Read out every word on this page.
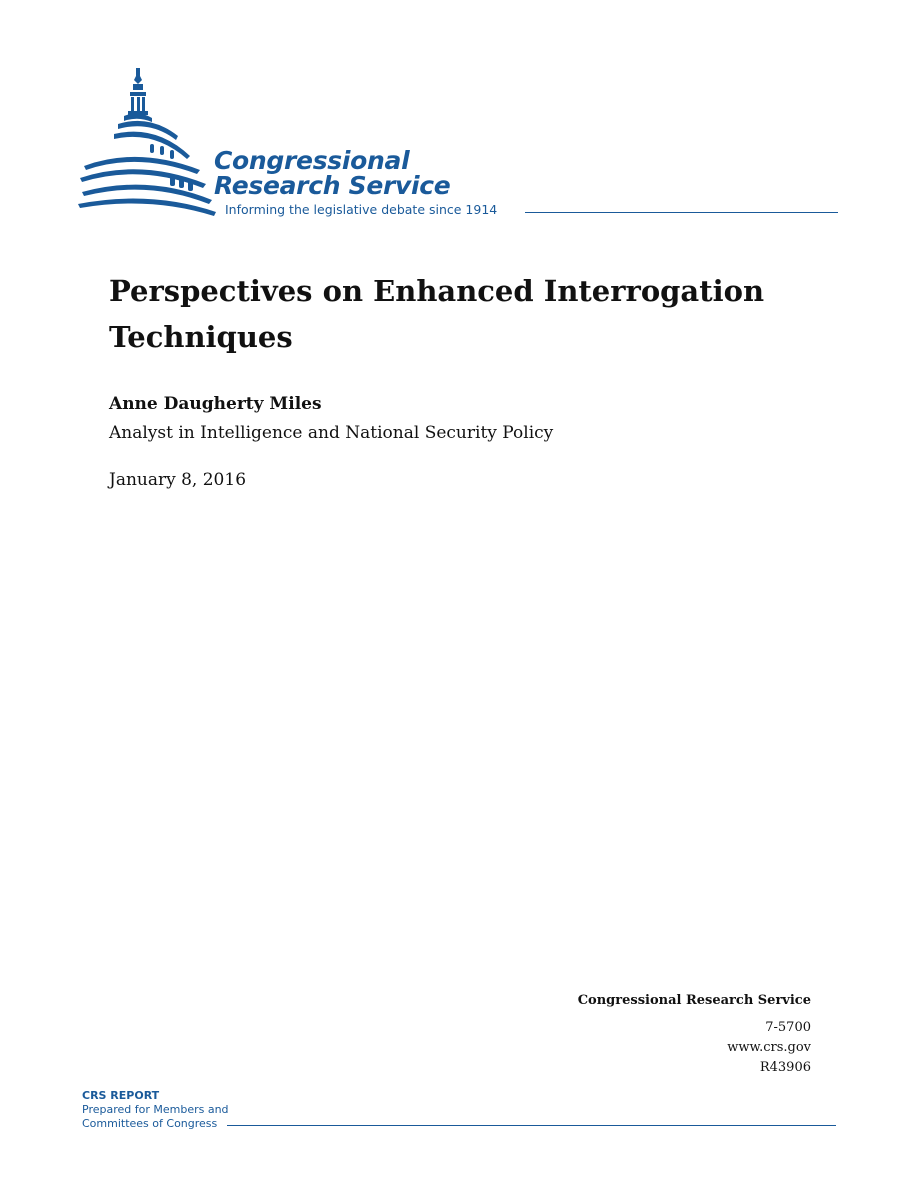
Congressional
Research Service
Informing the legislative debate since 1914
Perspectives on Enhanced Interrogation Techniques
Anne Daugherty Miles
Analyst in Intelligence and National Security Policy
January 8, 2016
Congressional Research Service
7-5700
www.crs.gov
R43906
CRS REPORT
Prepared for Members and
Committees of Congress
